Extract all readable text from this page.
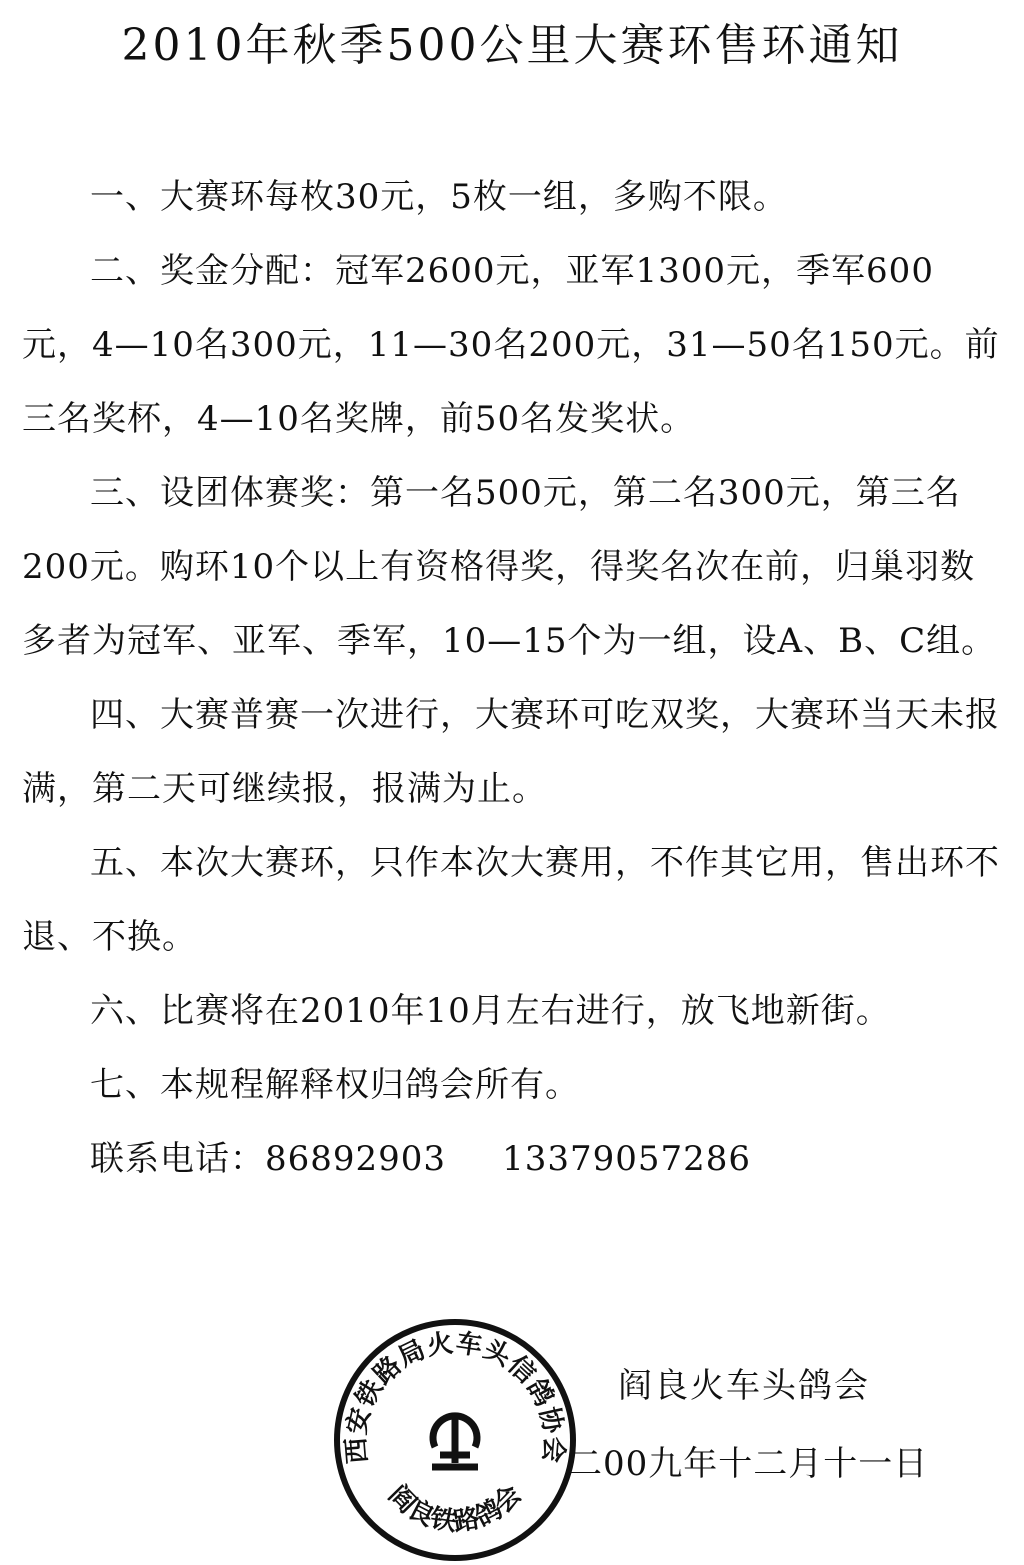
2010年秋季500公里大赛环售环通知

一、大赛环每枚30元，5枚一组，多购不限。

二、奖金分配：冠军2600元，亚军1300元，季军600元，4—10名300元，11—30名200元，31—50名150元。前三名奖杯，4—10名奖牌，前50名发奖状。

三、设团体赛奖：第一名500元，第二名300元，第三名200元。购环10个以上有资格得奖，得奖名次在前，归巢羽数多者为冠军、亚军、季军，10—15个为一组，设A、B、C组。

四、大赛普赛一次进行，大赛环可吃双奖，大赛环当天未报满，第二天可继续报，报满为止。

五、本次大赛环，只作本次大赛用，不作其它用，售出环不退、不换。

六、比赛将在2010年10月左右进行，放飞地新街。

七、本规程解释权归鸽会所有。

联系电话：86892903 13379057286

西安铁路局火车头信鸽协会
阎良铁路鸽会
阎良火车头鸽会
二00九年十二月十一日
